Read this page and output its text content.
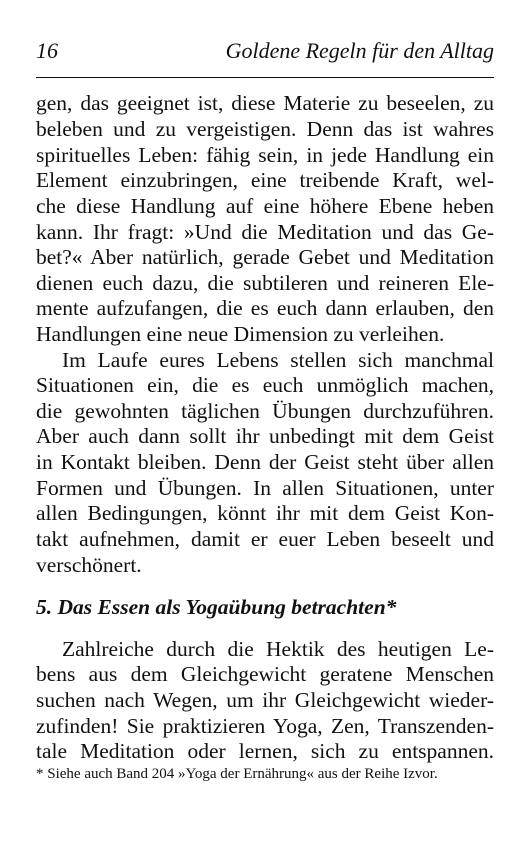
16	Goldene Regeln für den Alltag
gen, das geeignet ist, diese Materie zu beseelen, zu
beleben und zu vergeistigen. Denn das ist wahres
spirituelles Leben: fähig sein, in jede Handlung ein
Element einzubringen, eine treibende Kraft, wel-
che diese Handlung auf eine höhere Ebene heben
kann. Ihr fragt: »Und die Meditation und das Ge-
bet?« Aber natürlich, gerade Gebet und Meditation
dienen euch dazu, die subtileren und reineren Ele-
mente aufzufangen, die es euch dann erlauben, den
Handlungen eine neue Dimension zu verleihen.
Im Laufe eures Lebens stellen sich manchmal
Situationen ein, die es euch unmöglich machen,
die gewohnten täglichen Übungen durchzuführen.
Aber auch dann sollt ihr unbedingt mit dem Geist
in Kontakt bleiben. Denn der Geist steht über allen
Formen und Übungen. In allen Situationen, unter
allen Bedingungen, könnt ihr mit dem Geist Kon-
takt aufnehmen, damit er euer Leben beseelt und
verschönert.
5. Das Essen als Yogaübung betrachten*
Zahlreiche durch die Hektik des heutigen Le-
bens aus dem Gleichgewicht geratene Menschen
suchen nach Wegen, um ihr Gleichgewicht wieder-
zufinden! Sie praktizieren Yoga, Zen, Transzenden-
tale Meditation oder lernen, sich zu entspannen.
* Siehe auch Band 204 »Yoga der Ernährung« aus der Reihe Izvor.
